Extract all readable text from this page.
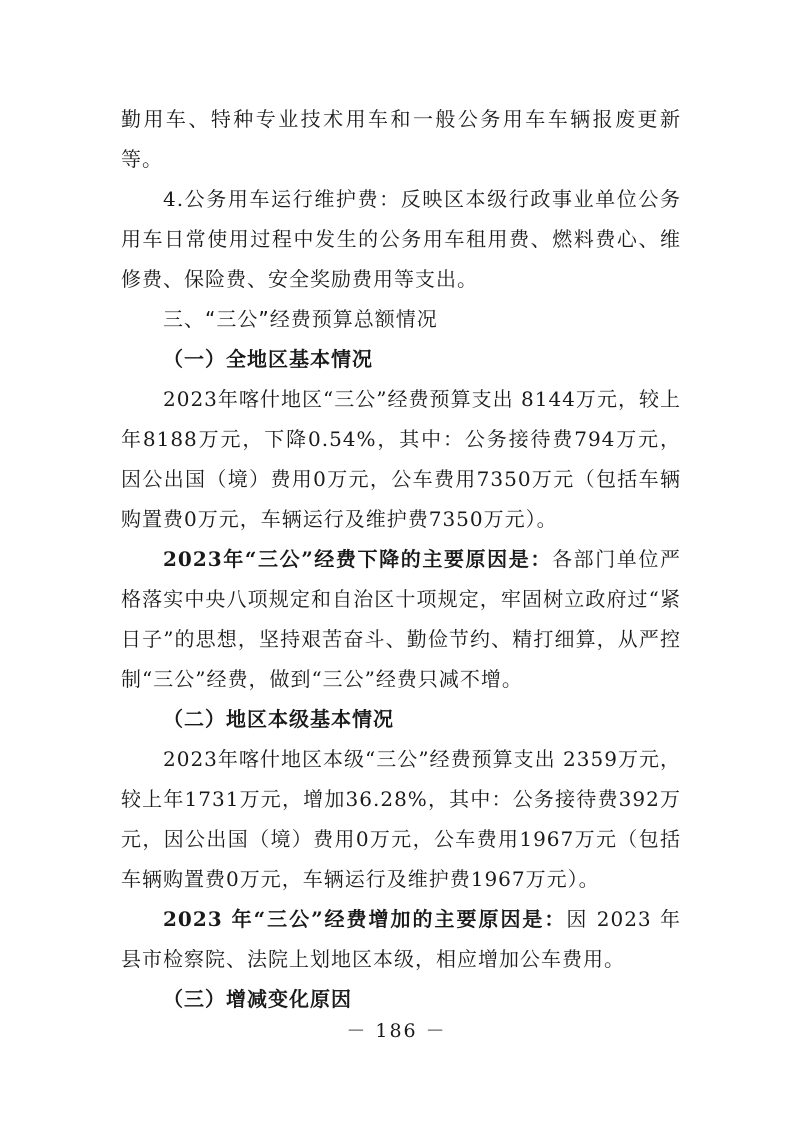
勤用车、特种专业技术用车和一般公务用车车辆报废更新等。

4.公务用车运行维护费：反映区本级行政事业单位公务用车日常使用过程中发生的公务用车租用费、燃料费心、维修费、保险费、安全奖励费用等支出。

三、“三公”经费预算总额情况

（一）全地区基本情况

2023年喀什地区“三公”经费预算支出 8144万元，较上年8188万元，下降0.54%，其中：公务接待费794万元，因公出国（境）费用0万元，公车费用7350万元（包括车辆购置费0万元，车辆运行及维护费7350万元）。

2023年“三公”经费下降的主要原因是：各部门单位严格落实中央八项规定和自治区十项规定，牢固树立政府过“紧日子”的思想，坚持艰苦奋斗、勤俭节约、精打细算，从严控制“三公”经费，做到“三公”经费只减不增。

（二）地区本级基本情况

2023年喀什地区本级“三公”经费预算支出 2359万元，较上年1731万元，增加36.28%，其中：公务接待费392万元，因公出国（境）费用0万元，公车费用1967万元（包括车辆购置费0万元，车辆运行及维护费1967万元）。

2023 年“三公”经费增加的主要原因是：因 2023 年县市检察院、法院上划地区本级，相应增加公车费用。

（三）增减变化原因

－ 186 －
